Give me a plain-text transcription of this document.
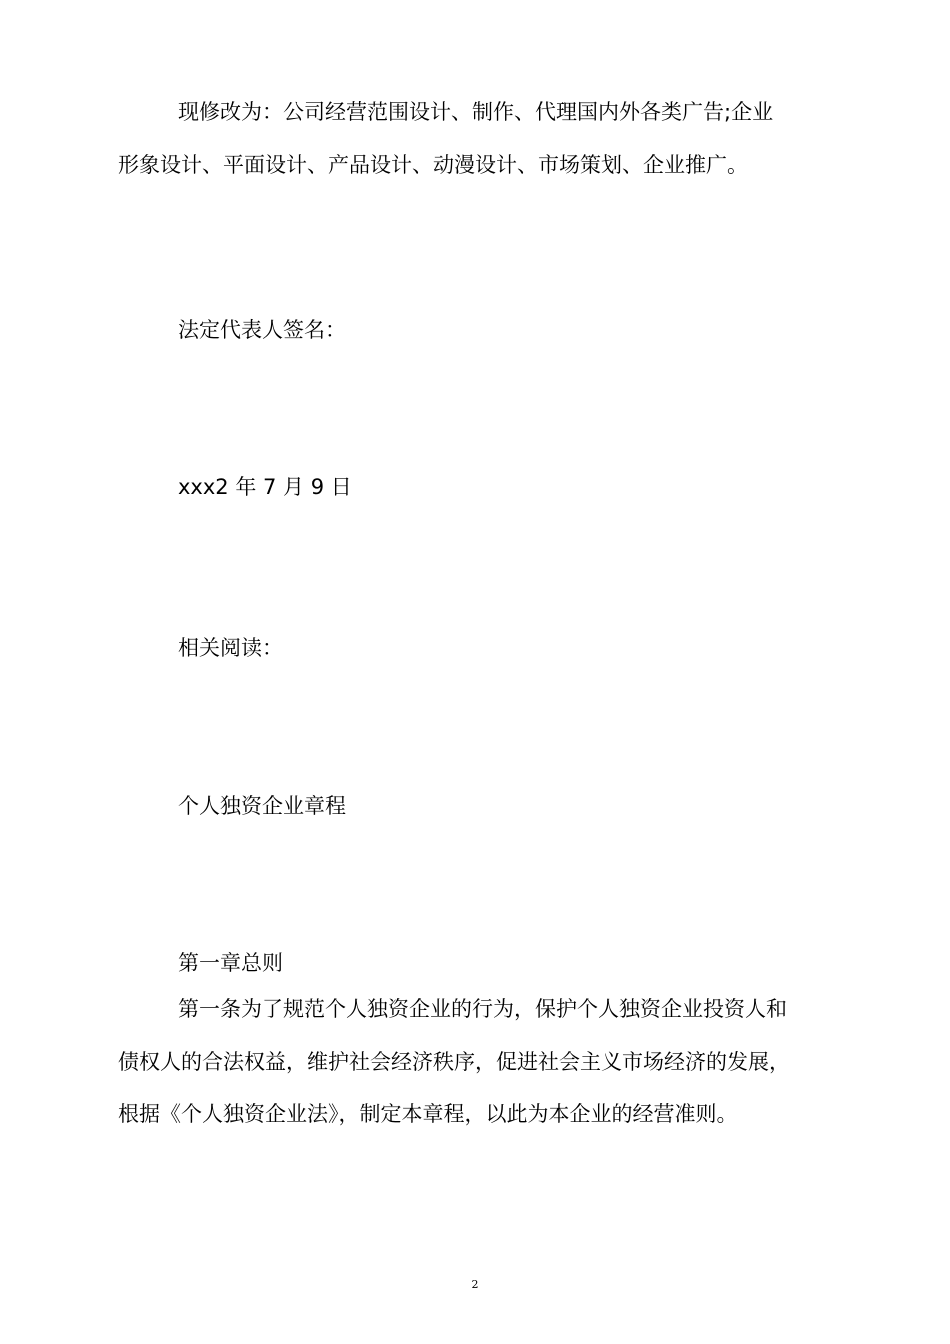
现修改为：公司经营范围设计、制作、代理国内外各类广告;企业
形象设计、平面设计、产品设计、动漫设计、市场策划、企业推广。
法定代表人签名：
xxx2 年 7 月 9 日
相关阅读：
个人独资企业章程
第一章总则
第一条为了规范个人独资企业的行为，保护个人独资企业投资人和
债权人的合法权益，维护社会经济秩序，促进社会主义市场经济的发展，
根据《个人独资企业法》，制定本章程，以此为本企业的经营准则。
2
